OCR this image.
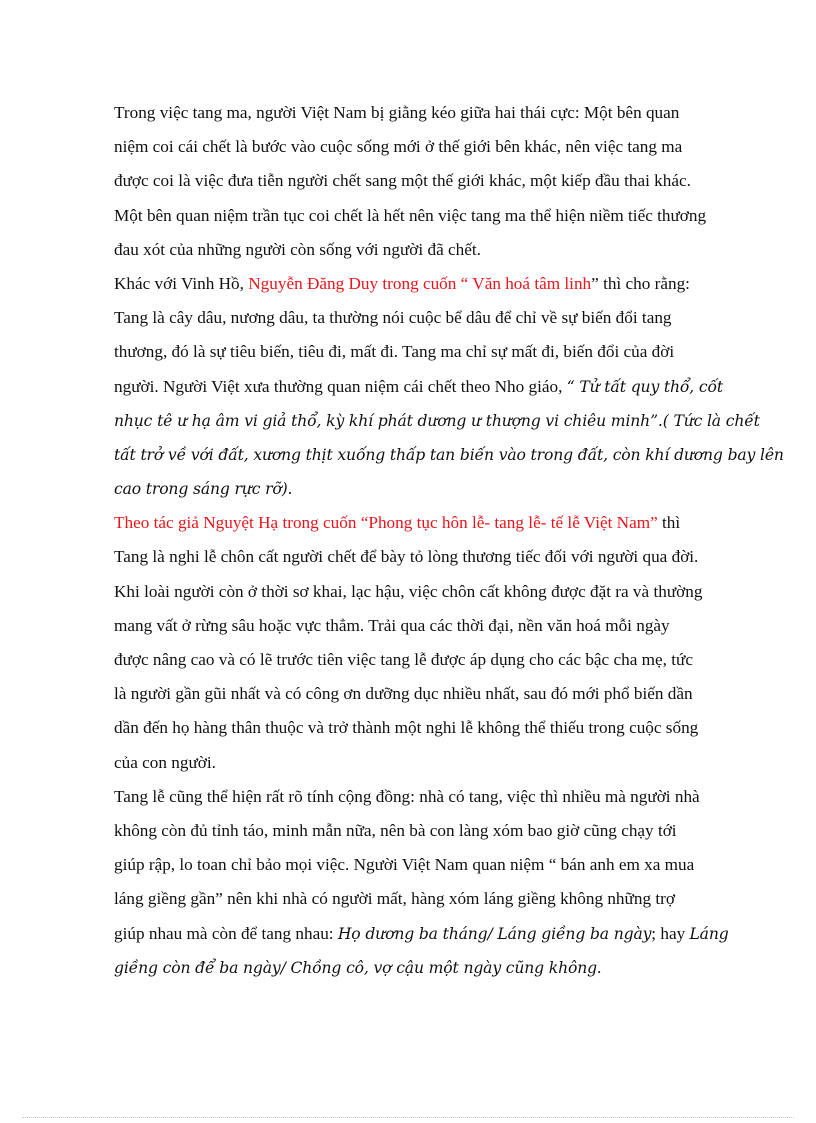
Trong việc tang ma, người Việt Nam bị giằng kéo giữa hai thái cực: Một bên quan
niệm coi cái chết là bước vào cuộc sống mới ở thế giới bên khác, nên việc tang ma
được coi là việc đưa tiễn người chết sang một thế giới khác, một kiếp đầu thai khác.
Một bên quan niệm trần tục coi chết là hết nên việc tang ma thể hiện niềm tiếc thương
đau xót của những người còn sống với người đã chết.
Khác với Vinh Hồ, Nguyễn Đăng Duy trong cuốn “ Văn hoá tâm linh” thì cho rằng:
Tang là cây dâu, nương dâu, ta thường nói cuộc bể dâu để chỉ về sự biến đổi tang
thương, đó là sự tiêu biến, tiêu đi, mất đi. Tang ma chỉ sự mất đi, biến đổi của đời
người. Người Việt xưa thường quan niệm cái chết theo Nho giáo, “ Tử tất quy thổ, cốt
nhục tê ư hạ âm vi giả thổ, kỳ khí phát dương ư thượng vi chiêu minh”.( Tức là chết
tất trở về với đất, xương thịt xuống thấp tan biến vào trong đất, còn khí dương bay lên
cao trong sáng rực rỡ).
Theo tác giả Nguyệt Hạ trong cuốn “Phong tục hôn lễ- tang lễ- tế lễ Việt Nam” thì
Tang là nghi lễ chôn cất người chết để bày tỏ lòng thương tiếc đối với người qua đời.
Khi loài người còn ở thời sơ khai, lạc hậu, việc chôn cất không được đặt ra và thường
mang vất ở rừng sâu hoặc vực thẳm. Trải qua các thời đại, nền văn hoá mỗi ngày
được nâng cao và có lẽ trước tiên việc tang lễ được áp dụng cho các bậc cha mẹ, tức
là người gần gũi nhất và có công ơn dưỡng dục nhiều nhất, sau đó mới phổ biến dần
dần đến họ hàng thân thuộc và trở thành một nghi lễ không thể thiếu trong cuộc sống
của con người.
Tang lễ cũng thể hiện rất rõ tính cộng đồng: nhà có tang, việc thì nhiều mà người nhà
không còn đủ tỉnh táo, minh mẫn nữa, nên bà con làng xóm bao giờ cũng chạy tới
giúp rập, lo toan chỉ bảo mọi việc. Người Việt Nam quan niệm “ bán anh em xa mua
láng giềng gần” nên khi nhà có người mất, hàng xóm láng giềng không những trợ
giúp nhau mà còn để tang nhau: Họ dương ba tháng/ Láng giềng ba ngày; hay Láng
giềng còn để ba ngày/ Chồng cô, vợ cậu một ngày cũng không.
